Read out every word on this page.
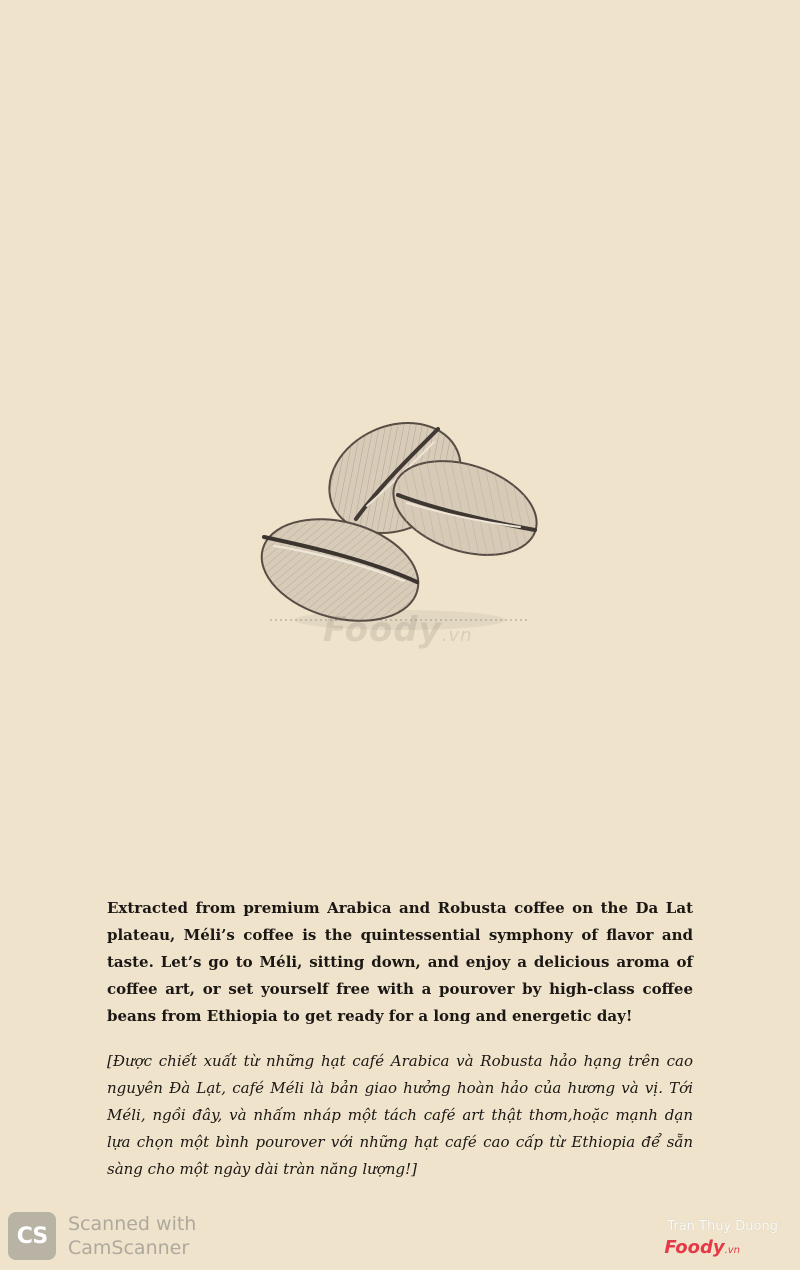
Foody.vn

Extracted from premium Arabica and Robusta coffee on the Da Lat plateau, Méli’s coffee is the quintessential symphony of flavor and taste. Let’s go to Méli, sitting down, and enjoy a delicious aroma of coffee art, or set yourself free with a pourover by high-class coffee beans from Ethiopia to get ready for a long and energetic day!

[Được chiết xuất từ những hạt café Arabica và Robusta hảo hạng trên cao nguyên Đà Lạt, café Méli là bản giao hưởng hoàn hảo của hương và vị. Tới Méli, ngồi đây, và nhấm nháp một tách café art thật thơm,hoặc mạnh dạn lựa chọn một bình pourover với những hạt café cao cấp từ Ethiopia để sẵn sàng cho một ngày dài tràn năng lượng!]

CS Scanned with
CamScanner
Tran Thuy Duong
Foody.vn
